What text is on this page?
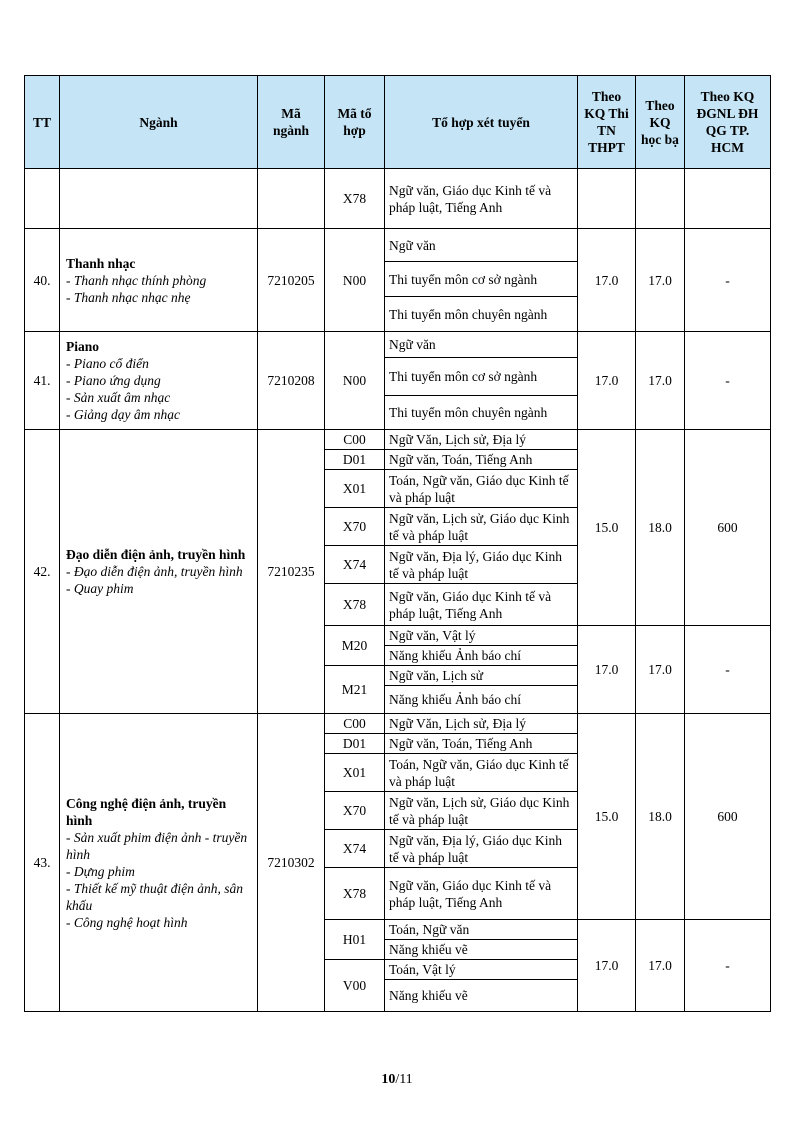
TT	Ngành	Mã ngành	Mã tổ hợp	Tổ hợp xét tuyển	Theo KQ Thi TN THPT	Theo KQ học bạ	Theo KQ ĐGNL ĐH QG TP. HCM
			X78	Ngữ văn, Giáo dục Kinh tế và pháp luật, Tiếng Anh			
40.	Thanh nhạc
- Thanh nhạc thính phòng
- Thanh nhạc nhạc nhẹ	7210205	N00	Ngữ văn	17.0	17.0	-
				Thi tuyển môn cơ sở ngành			
				Thi tuyển môn chuyên ngành			
41.	Piano
- Piano cổ điển
- Piano ứng dụng
- Sản xuất âm nhạc
- Giảng dạy âm nhạc	7210208	N00	Ngữ văn	17.0	17.0	-
				Thi tuyển môn cơ sở ngành			
				Thi tuyển môn chuyên ngành			
42.	Đạo diễn điện ảnh, truyền hình
- Đạo diễn điện ảnh, truyền hình
- Quay phim	7210235	C00	Ngữ Văn, Lịch sử, Địa lý	15.0	18.0	600
			D01	Ngữ văn, Toán, Tiếng Anh			
			X01	Toán, Ngữ văn, Giáo dục Kinh tế và pháp luật			
			X70	Ngữ văn, Lịch sử, Giáo dục Kinh tế và pháp luật			
			X74	Ngữ văn, Địa lý, Giáo dục Kinh tế và pháp luật			
			X78	Ngữ văn, Giáo dục Kinh tế và pháp luật, Tiếng Anh			
			M20	Ngữ văn, Vật lý	17.0	17.0	-
				Năng khiếu Ảnh báo chí			
			M21	Ngữ văn, Lịch sử			
				Năng khiếu Ảnh báo chí			
43.	Công nghệ điện ảnh, truyền hình
- Sản xuất phim điện ảnh - truyền hình
- Dựng phim
- Thiết kế mỹ thuật điện ảnh, sân khấu
- Công nghệ hoạt hình	7210302	C00	Ngữ Văn, Lịch sử, Địa lý	15.0	18.0	600
			D01	Ngữ văn, Toán, Tiếng Anh			
			X01	Toán, Ngữ văn, Giáo dục Kinh tế và pháp luật			
			X70	Ngữ văn, Lịch sử, Giáo dục Kinh tế và pháp luật			
			X74	Ngữ văn, Địa lý, Giáo dục Kinh tế và pháp luật			
			X78	Ngữ văn, Giáo dục Kinh tế và pháp luật, Tiếng Anh			
			H01	Toán, Ngữ văn	17.0	17.0	-
				Năng khiếu vẽ			
			V00	Toán, Vật lý			
				Năng khiếu vẽ			
10/11
